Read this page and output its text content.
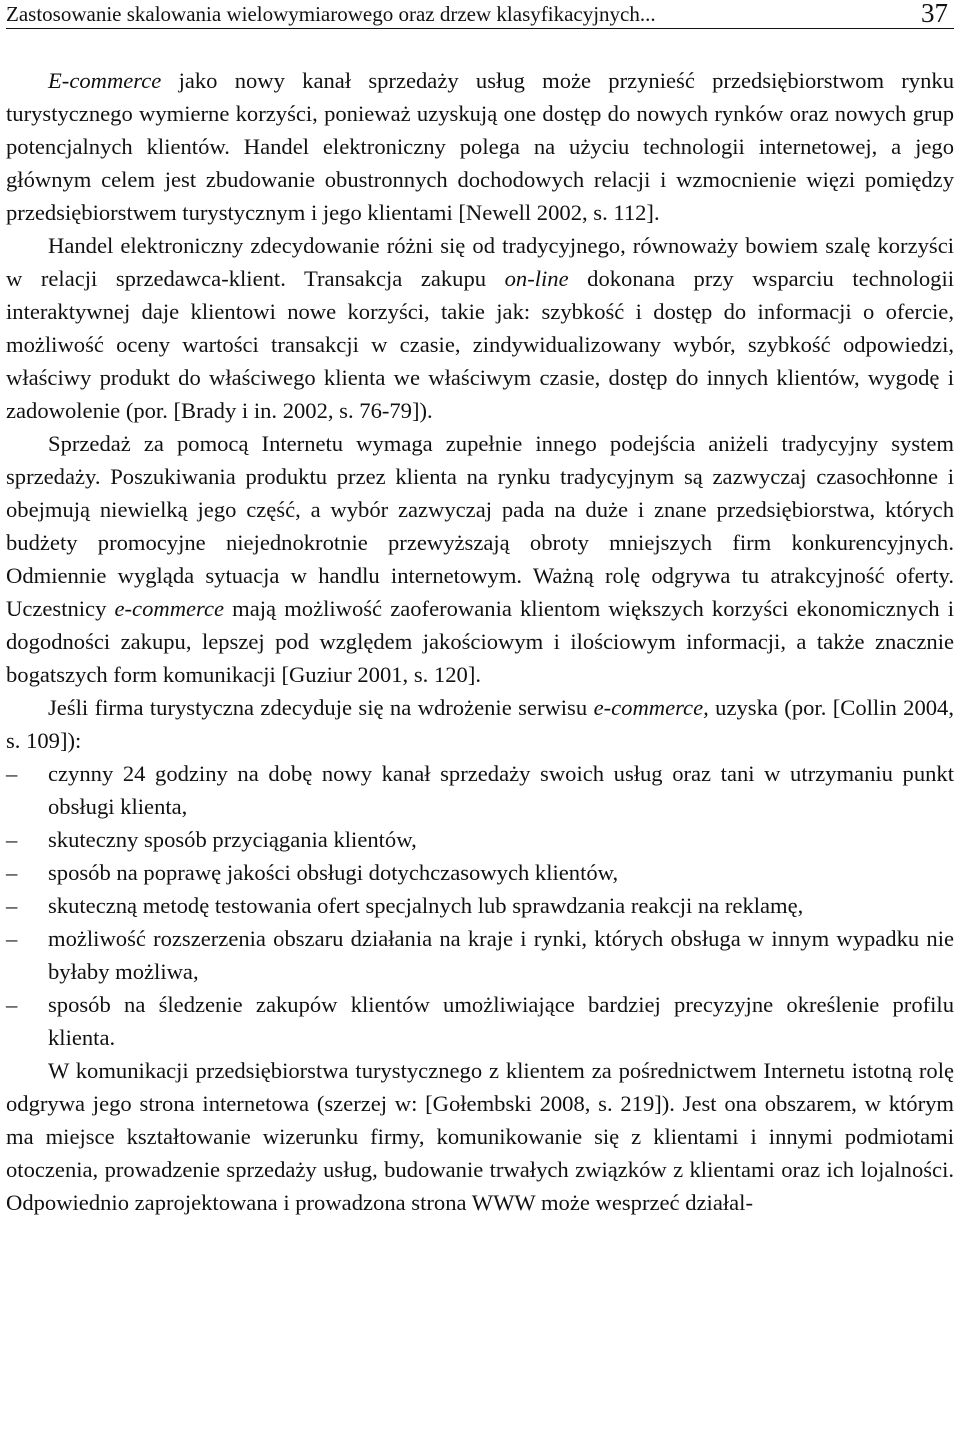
Zastosowanie skalowania wielowymiarowego oraz drzew klasyfikacyjnych...	37

E-commerce jako nowy kanał sprzedaży usług może przynieść przedsiębiorstwom rynku turystycznego wymierne korzyści, ponieważ uzyskują one dostęp do nowych rynków oraz nowych grup potencjalnych klientów. Handel elektroniczny polega na użyciu technologii internetowej, a jego głównym celem jest zbudowanie obustronnych dochodowych relacji i wzmocnienie więzi pomiędzy przedsiębiorstwem turystycznym i jego klientami [Newell 2002, s. 112].

Handel elektroniczny zdecydowanie różni się od tradycyjnego, równoważy bowiem szalę korzyści w relacji sprzedawca-klient. Transakcja zakupu on-line dokonana przy wsparciu technologii interaktywnej daje klientowi nowe korzyści, takie jak: szybkość i dostęp do informacji o ofercie, możliwość oceny wartości transakcji w czasie, zindywidualizowany wybór, szybkość odpowiedzi, właściwy produkt do właściwego klienta we właściwym czasie, dostęp do innych klientów, wygodę i zadowolenie (por. [Brady i in. 2002, s. 76-79]).

Sprzedaż za pomocą Internetu wymaga zupełnie innego podejścia aniżeli tradycyjny system sprzedaży. Poszukiwania produktu przez klienta na rynku tradycyjnym są zazwyczaj czasochłonne i obejmują niewielką jego część, a wybór zazwyczaj pada na duże i znane przedsiębiorstwa, których budżety promocyjne niejednokrotnie przewyższają obroty mniejszych firm konkurencyjnych. Odmiennie wygląda sytuacja w handlu internetowym. Ważną rolę odgrywa tu atrakcyjność oferty. Uczestnicy e-commerce mają możliwość zaoferowania klientom większych korzyści ekonomicznych i dogodności zakupu, lepszej pod względem jakościowym i ilościowym informacji, a także znacznie bogatszych form komunikacji [Guziur 2001, s. 120].

Jeśli firma turystyczna zdecyduje się na wdrożenie serwisu e-commerce, uzyska (por. [Collin 2004, s. 109]):

–	czynny 24 godziny na dobę nowy kanał sprzedaży swoich usług oraz tani w utrzymaniu punkt obsługi klienta,
–	skuteczny sposób przyciągania klientów,
–	sposób na poprawę jakości obsługi dotychczasowych klientów,
–	skuteczną metodę testowania ofert specjalnych lub sprawdzania reakcji na reklamę,
–	możliwość rozszerzenia obszaru działania na kraje i rynki, których obsługa w innym wypadku nie byłaby możliwa,
–	sposób na śledzenie zakupów klientów umożliwiające bardziej precyzyjne określenie profilu klienta.

W komunikacji przedsiębiorstwa turystycznego z klientem za pośrednictwem Internetu istotną rolę odgrywa jego strona internetowa (szerzej w: [Gołembski 2008, s. 219]). Jest ona obszarem, w którym ma miejsce kształtowanie wizerunku firmy, komunikowanie się z klientami i innymi podmiotami otoczenia, prowadzenie sprzedaży usług, budowanie trwałych związków z klientami oraz ich lojalności. Odpowiednio zaprojektowana i prowadzona strona WWW może wesprzeć działal-
